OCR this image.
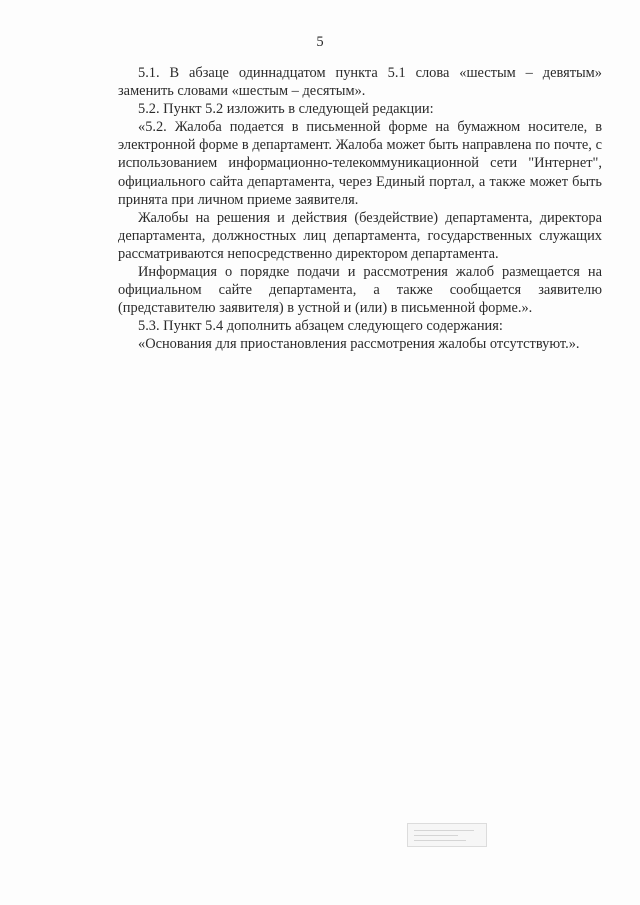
5

5.1. В абзаце одиннадцатом пункта 5.1 слова «шестым – девятым» заменить словами «шестым – десятым».

5.2. Пункт 5.2 изложить в следующей редакции:

«5.2. Жалоба подается в письменной форме на бумажном носителе, в электронной форме в департамент. Жалоба может быть направлена по почте, с использованием информационно-телекоммуникационной сети "Интернет", официального сайта департамента, через Единый портал, а также может быть принята при личном приеме заявителя.

Жалобы на решения и действия (бездействие) департамента, директора департамента, должностных лиц департамента, государственных служащих рассматриваются непосредственно директором департамента.

Информация о порядке подачи и рассмотрения жалоб размещается на официальном сайте департамента, а также сообщается заявителю (представителю заявителя) в устной и (или) в письменной форме.».

5.3. Пункт 5.4 дополнить абзацем следующего содержания:

«Основания для приостановления рассмотрения жалобы отсутствуют.».
